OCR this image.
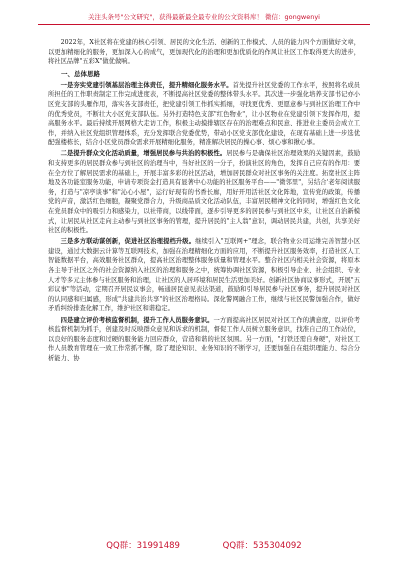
关注头条号"公文研究"，获得最新最全最专业的公文资料库！ 微信：gongwenyi

2022年，X社区将在党建的核心引领、居民的文化生活、创新的工作模式、人员的能力四个方面做好文章，以更加精细化的服务，更加深入心的成气，更加现代化的治理和更加优质化的作风让社区工作取得更大的进步，将社区品牌"五彩X"做优做响。

一、总体思路

一是夯实党建引领基层治理主体责任，提升精细化服务水平。首先提升社区党委的工作水平，按照将名成员所担任的工作职责制定工作完成进度表，不断提高社区党委的整体带头水平。其次进一步强化培养支部书记亦小区党支部的头雁作用，落实各支部责任，把党建引领工作抓实抓细，寻找更优秀、更愿意参与到社区治理工作中的优秀党员，不断壮大小区党支部队伍。另外打造特色支部"红色物业"，让小区物业在党建引领下发挥作用，提高服务水平。最后持续开展网格大走访工作，积极主动摸排辖区存在的治理难点和民意、推进业主委员会成立工作，并纳入社区党组织管理体系，充分发挥联合党委优势，带动小区党支部优化建设，在现有基础上进一步选优配强楼栋长，结合小区党员群众需求开展精细化服务，精准解决居民的操心事、烦心事和揪心事。

二是提升群众文化活动质量，增强居民参与共治的积极性。居民参与是确保社区治理效果的关键因素，鼓励和支持更多的居民群众参与到社区的治理当中，当好社区的一分子，扮演社区的角色，发挥自己应有的作用：要在全方位了解居民需求的基础上，开展丰富多彩的社区活动，增加居民群众对社区事务的关注度。拓宽社区主阵地及各功能室服务功能，申请专项资金打造具有显著中心功能的社区服务平台——"微邻里"，另结合'老年阅读服务，打造与"凉亭谈事"和"沁心小屋"，运行好现有的书香长廊，用好开用活社区文化阵地，宣传党的政策，传播党的声音，激活红色细胞，凝聚党群合力，升级商品质文化活动队伍，丰富居民精神文化的同时，增强红色文化在党员群众中的吸引力和感染力，以社带商，以线带面，逐步引导更多的居民参与到社区中来，让社区自治新模式，让居民从社区走向主动参与到社区事务的管理，提升居民的"主人翁"意识，调动居民共建，共创，共享美好社区的积极性。

三是多方联动谋创新，促进社区治理提档升级。继续引入"互联网+"理念，联合物业公司运维完善智慧小区建设，通过大数据云计算等互联网技术，加强在治理精细化方面的应用，不断提升社区服务效率，打造社区人工智能数据平台，高效服务社区群众，提高社区治理整体服务质量和管理水平。整合社区内相关社会资源，将原本各主导于社区之外的社会资源纳入社区的治理和服务之中，统筹协调社区资源，积极引导企业、社会组织、专业人才等多元主体参与社区服务和治理，让社区的人居环境和居民生活更加美好。创新社区协商议事形式，开展"五彩议事"等活动，定期召开居民议事会，畅通居民意见表达渠道，鼓励和引导居民参与社区事务，提升居民对社区的认同感和归属感，形成"共建共治共享"的社区治理格局。深化警网融合工作，继续与社区民警加强合作，做好矛盾纠纷排查化解工作，维护社区和谐稳定。

四是建立评价考核监督机制，提升工作人员服务意识。一方面提高社区居民对社区工作的满意度，以评价考核监督机制为抓手，创建及时反映群众意见和诉求的机制，督促工作人员树立服务意识，找准自己的工作站位，以良好的服务态度和过硬的服务能力回应群众，营造和谐的社区氛围。另一方面，"打铁还需自身硬"，对社区工作人员教育管理在一致工作常抓不懈，除了理论知识、业务知识的不断学习，还要加强自在组织理能力、综合分析能力、协

QQ群：31991489	QQ群：535304092
